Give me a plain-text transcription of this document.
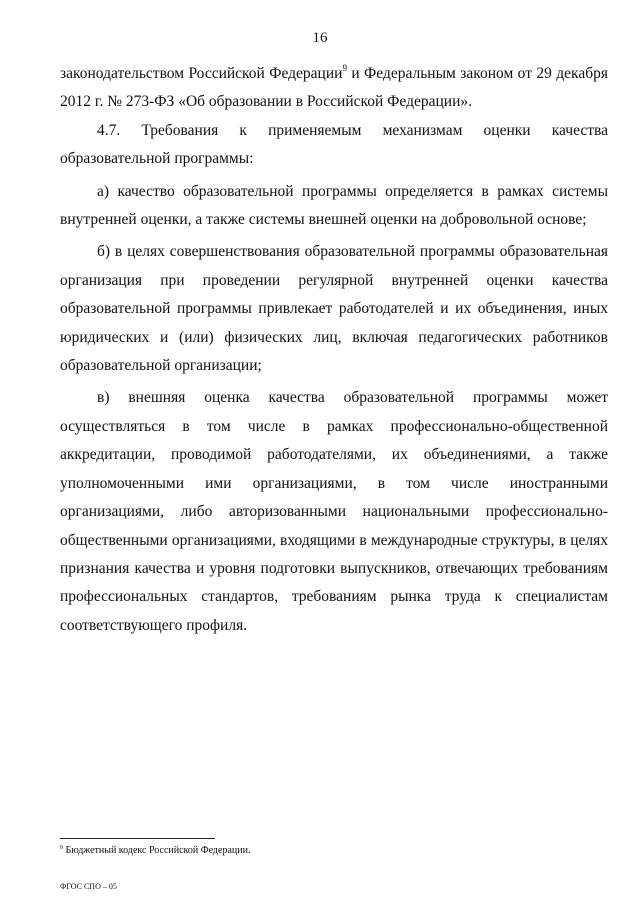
16

законодательством Российской Федерации$^9$ и Федеральным законом от 29 декабря 2012 г. № 273-ФЗ «Об образовании в Российской Федерации».

4.7. Требования к применяемым механизмам оценки качества образовательной программы:

а) качество образовательной программы определяется в рамках системы внутренней оценки, а также системы внешней оценки на добровольной основе;

б) в целях совершенствования образовательной программы образовательная организация при проведении регулярной внутренней оценки качества образовательной программы привлекает работодателей и их объединения, иных юридических и (или) физических лиц, включая педагогических работников образовательной организации;

в) внешняя оценка качества образовательной программы может осуществляться в том числе в рамках профессионально-общественной аккредитации, проводимой работодателями, их объединениями, а также уполномоченными ими организациями, в том числе иностранными организациями, либо авторизованными национальными профессионально-общественными организациями, входящими в международные структуры, в целях признания качества и уровня подготовки выпускников, отвечающих требованиям профессиональных стандартов, требованиям рынка труда к специалистам соответствующего профиля.

$^9$ Бюджетный кодекс Российской Федерации.
ФГОС СПО – 05
